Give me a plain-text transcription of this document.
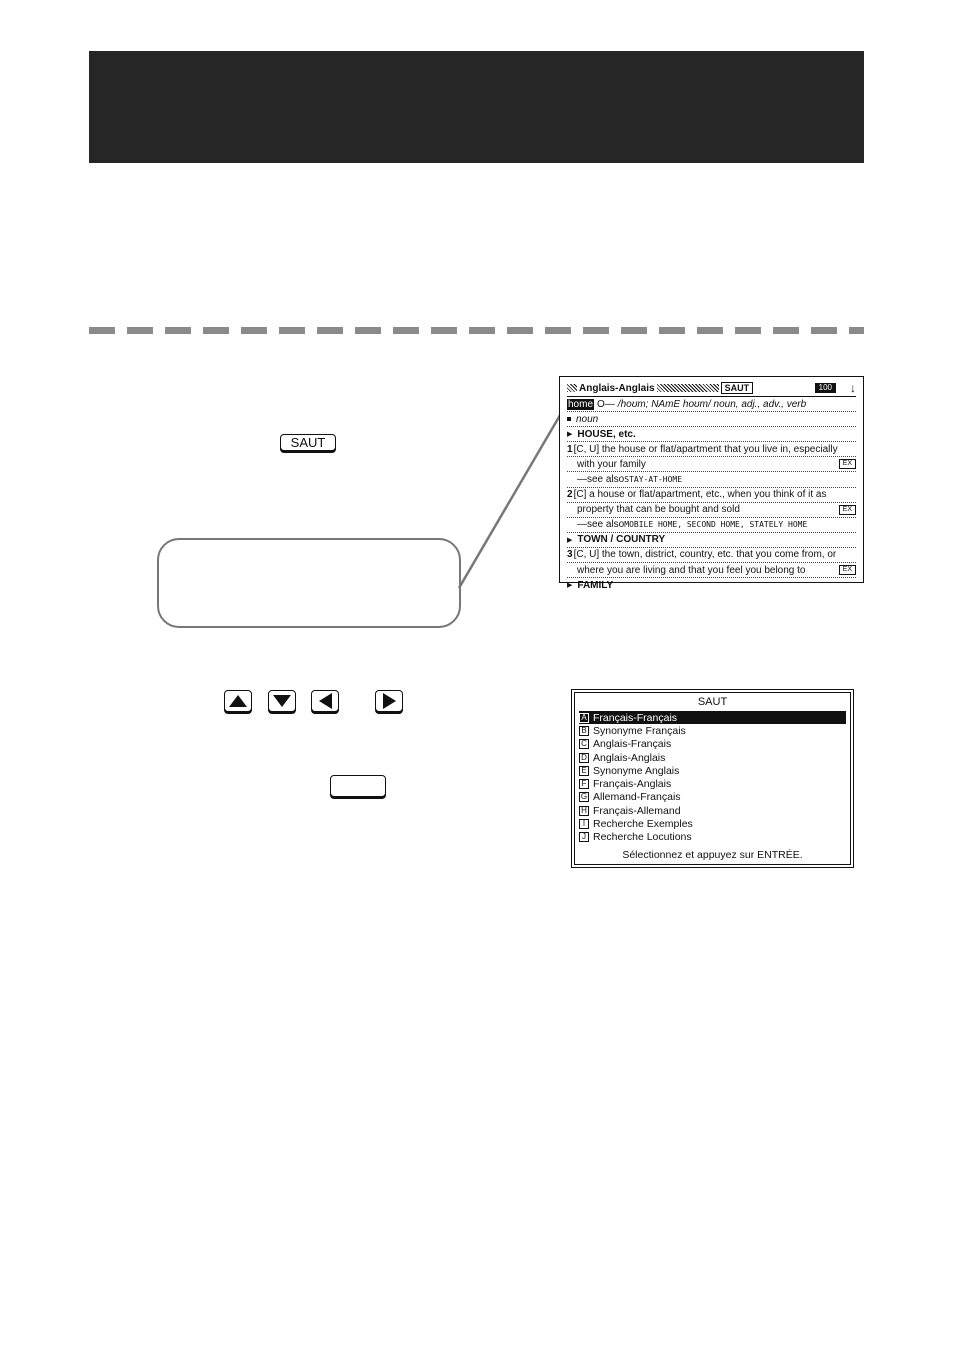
SAUT
Anglais-Anglais	SAUT	100	↓
home O— /hoʊm; NAmE hoʊm/
noun, adj., adv., verb
noun
▶ HOUSE, etc.
1 [C, U] the house or flat/apartment that you live in, especially
with your family	EX
—see also STAY-AT-HOME
2 [C] a house or flat/apartment, etc., when you think of it as
property that can be bought and sold	EX
—see also MOBILE HOME, SECOND HOME, STATELY HOME
▶ TOWN / COUNTRY
3 [C, U] the town, district, country, etc. that you come from, or
where you are living and that you feel you belong to	EX
▶ FAMILY
SAUT
A Français-Français
B Synonyme Français
C Anglais-Français
D Anglais-Anglais
E Synonyme Anglais
F Français-Anglais
G Allemand-Français
H Français-Allemand
I Recherche Exemples
J Recherche Locutions
Sélectionnez et appuyez sur ENTRÉE.
